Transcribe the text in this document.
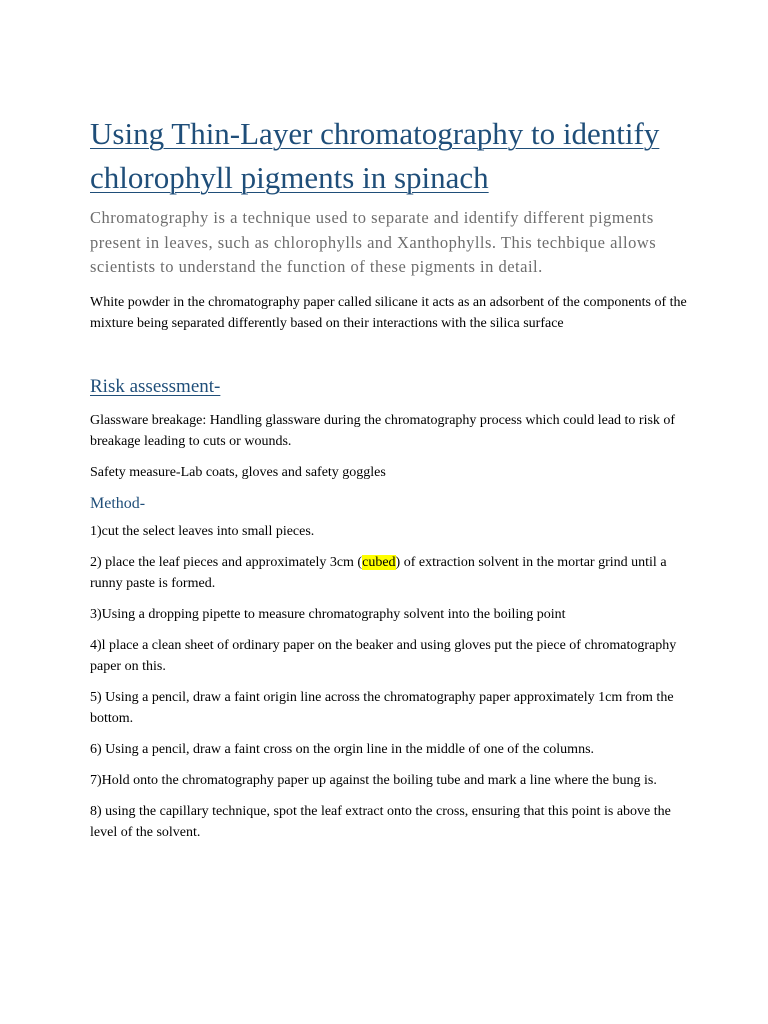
Using Thin-Layer chromatography to identify chlorophyll pigments in spinach
Chromatography is a technique used to separate and identify different pigments present in leaves, such as chlorophylls and Xanthophylls. This techbique allows scientists to understand the function of these pigments in detail.

White powder in the chromatography paper called silicane it acts as an adsorbent of the components of the mixture being separated differently based on their interactions with the silica surface

Risk assessment-

Glassware breakage: Handling glassware during the chromatography process which could lead to risk of breakage leading to cuts or wounds.

Safety measure-Lab coats, gloves and safety goggles

Method-

1)cut the select leaves into small pieces.

2) place the leaf pieces and approximately 3cm (cubed) of extraction solvent in the mortar grind until a runny paste is formed.

3)Using a dropping pipette to measure chromatography solvent into the boiling point

4)l place a clean sheet of ordinary paper on the beaker and using gloves put the piece of chromatography paper on this.

5) Using a pencil, draw a faint origin line across the chromatography paper approximately 1cm from the bottom.

6) Using a pencil, draw a faint cross on the orgin line in the middle of one of the columns.

7)Hold onto the chromatography paper up against the boiling tube and mark a line where the bung is.

8) using the capillary technique, spot the leaf extract onto the cross, ensuring that this point is above the level of the solvent.
